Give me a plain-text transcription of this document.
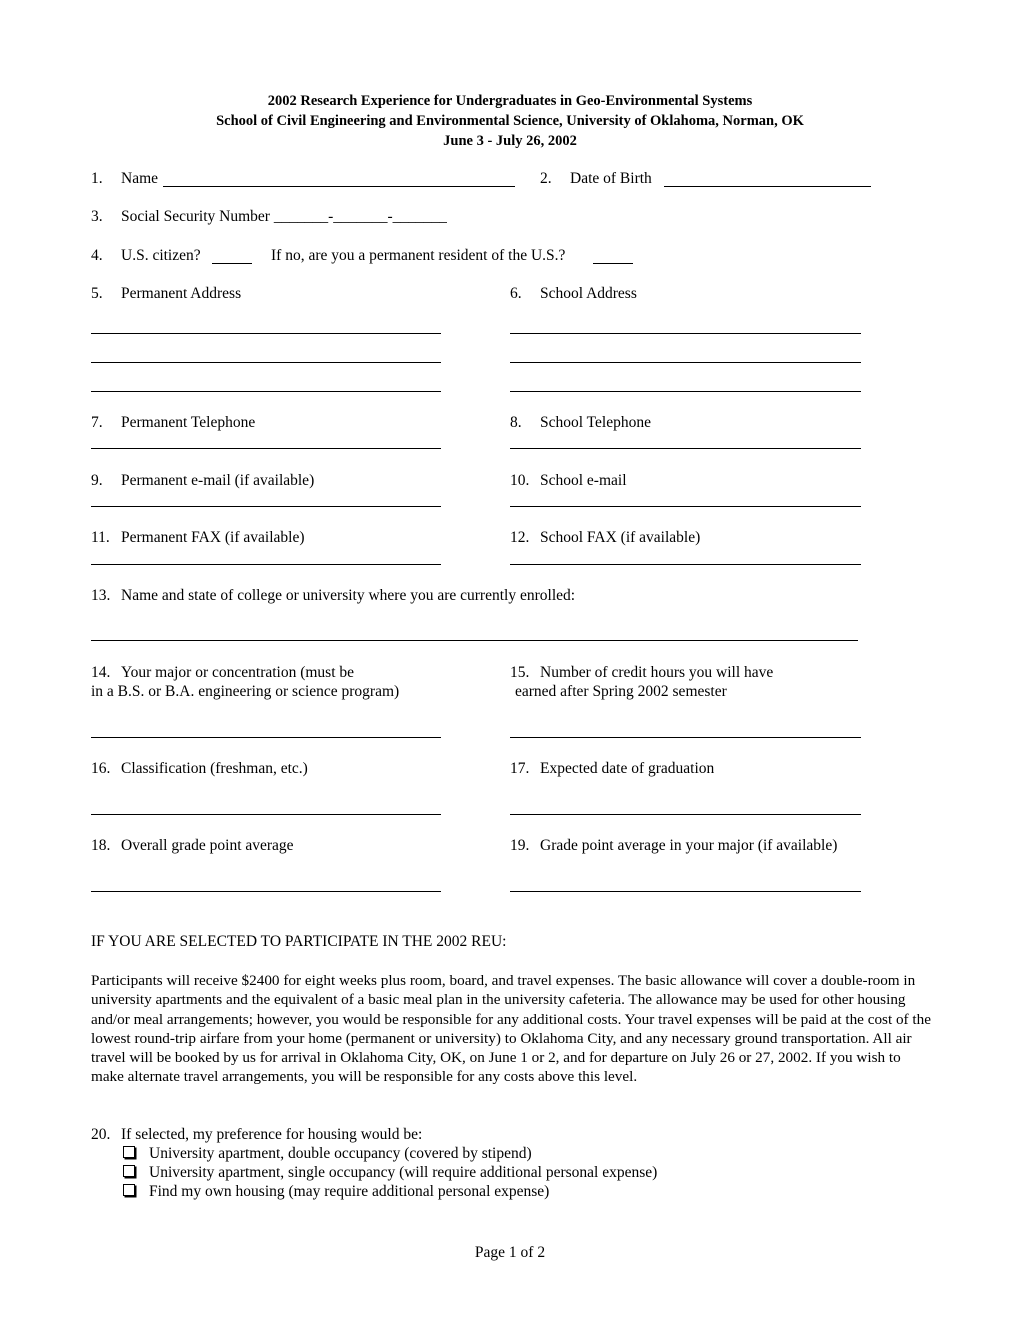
2002 Research Experience for Undergraduates in Geo-Environmental Systems
School of Civil Engineering and Environmental Science, University of Oklahoma, Norman, OK
June 3 - July 26, 2002
1. Name	2. Date of Birth
3. Social Security Number _______-_______-_______
4. U.S. citizen?	If no, are you a permanent resident of the U.S.?
5. Permanent Address	6. School Address
7. Permanent Telephone	8. School Telephone
9. Permanent e-mail (if available)	10. School e-mail
11. Permanent FAX (if available)	12. School FAX (if available)
13. Name and state of college or university where you are currently enrolled:
14. Your major or concentration (must be
in a B.S. or B.A. engineering or science program)
15. Number of credit hours you will have
earned after Spring 2002 semester
16. Classification (freshman, etc.)	17. Expected date of graduation
18. Overall grade point average	19. Grade point average in your major (if available)
IF YOU ARE SELECTED TO PARTICIPATE IN THE 2002 REU:
Participants will receive $2400 for eight weeks plus room, board, and travel expenses. The basic allowance will cover a double-room in university apartments and the equivalent of a basic meal plan in the university cafeteria. The allowance may be used for other housing and/or meal arrangements; however, you would be responsible for any additional costs. Your travel expenses will be paid at the cost of the lowest round-trip airfare from your home (permanent or university) to Oklahoma City, and any necessary ground transportation. All air travel will be booked by us for arrival in Oklahoma City, OK, on June 1 or 2, and for departure on July 26 or 27, 2002. If you wish to make alternate travel arrangements, you will be responsible for any costs above this level.
20. If selected, my preference for housing would be:
University apartment, double occupancy (covered by stipend)
University apartment, single occupancy (will require additional personal expense)
Find my own housing (may require additional personal expense)
Page 1 of 2
